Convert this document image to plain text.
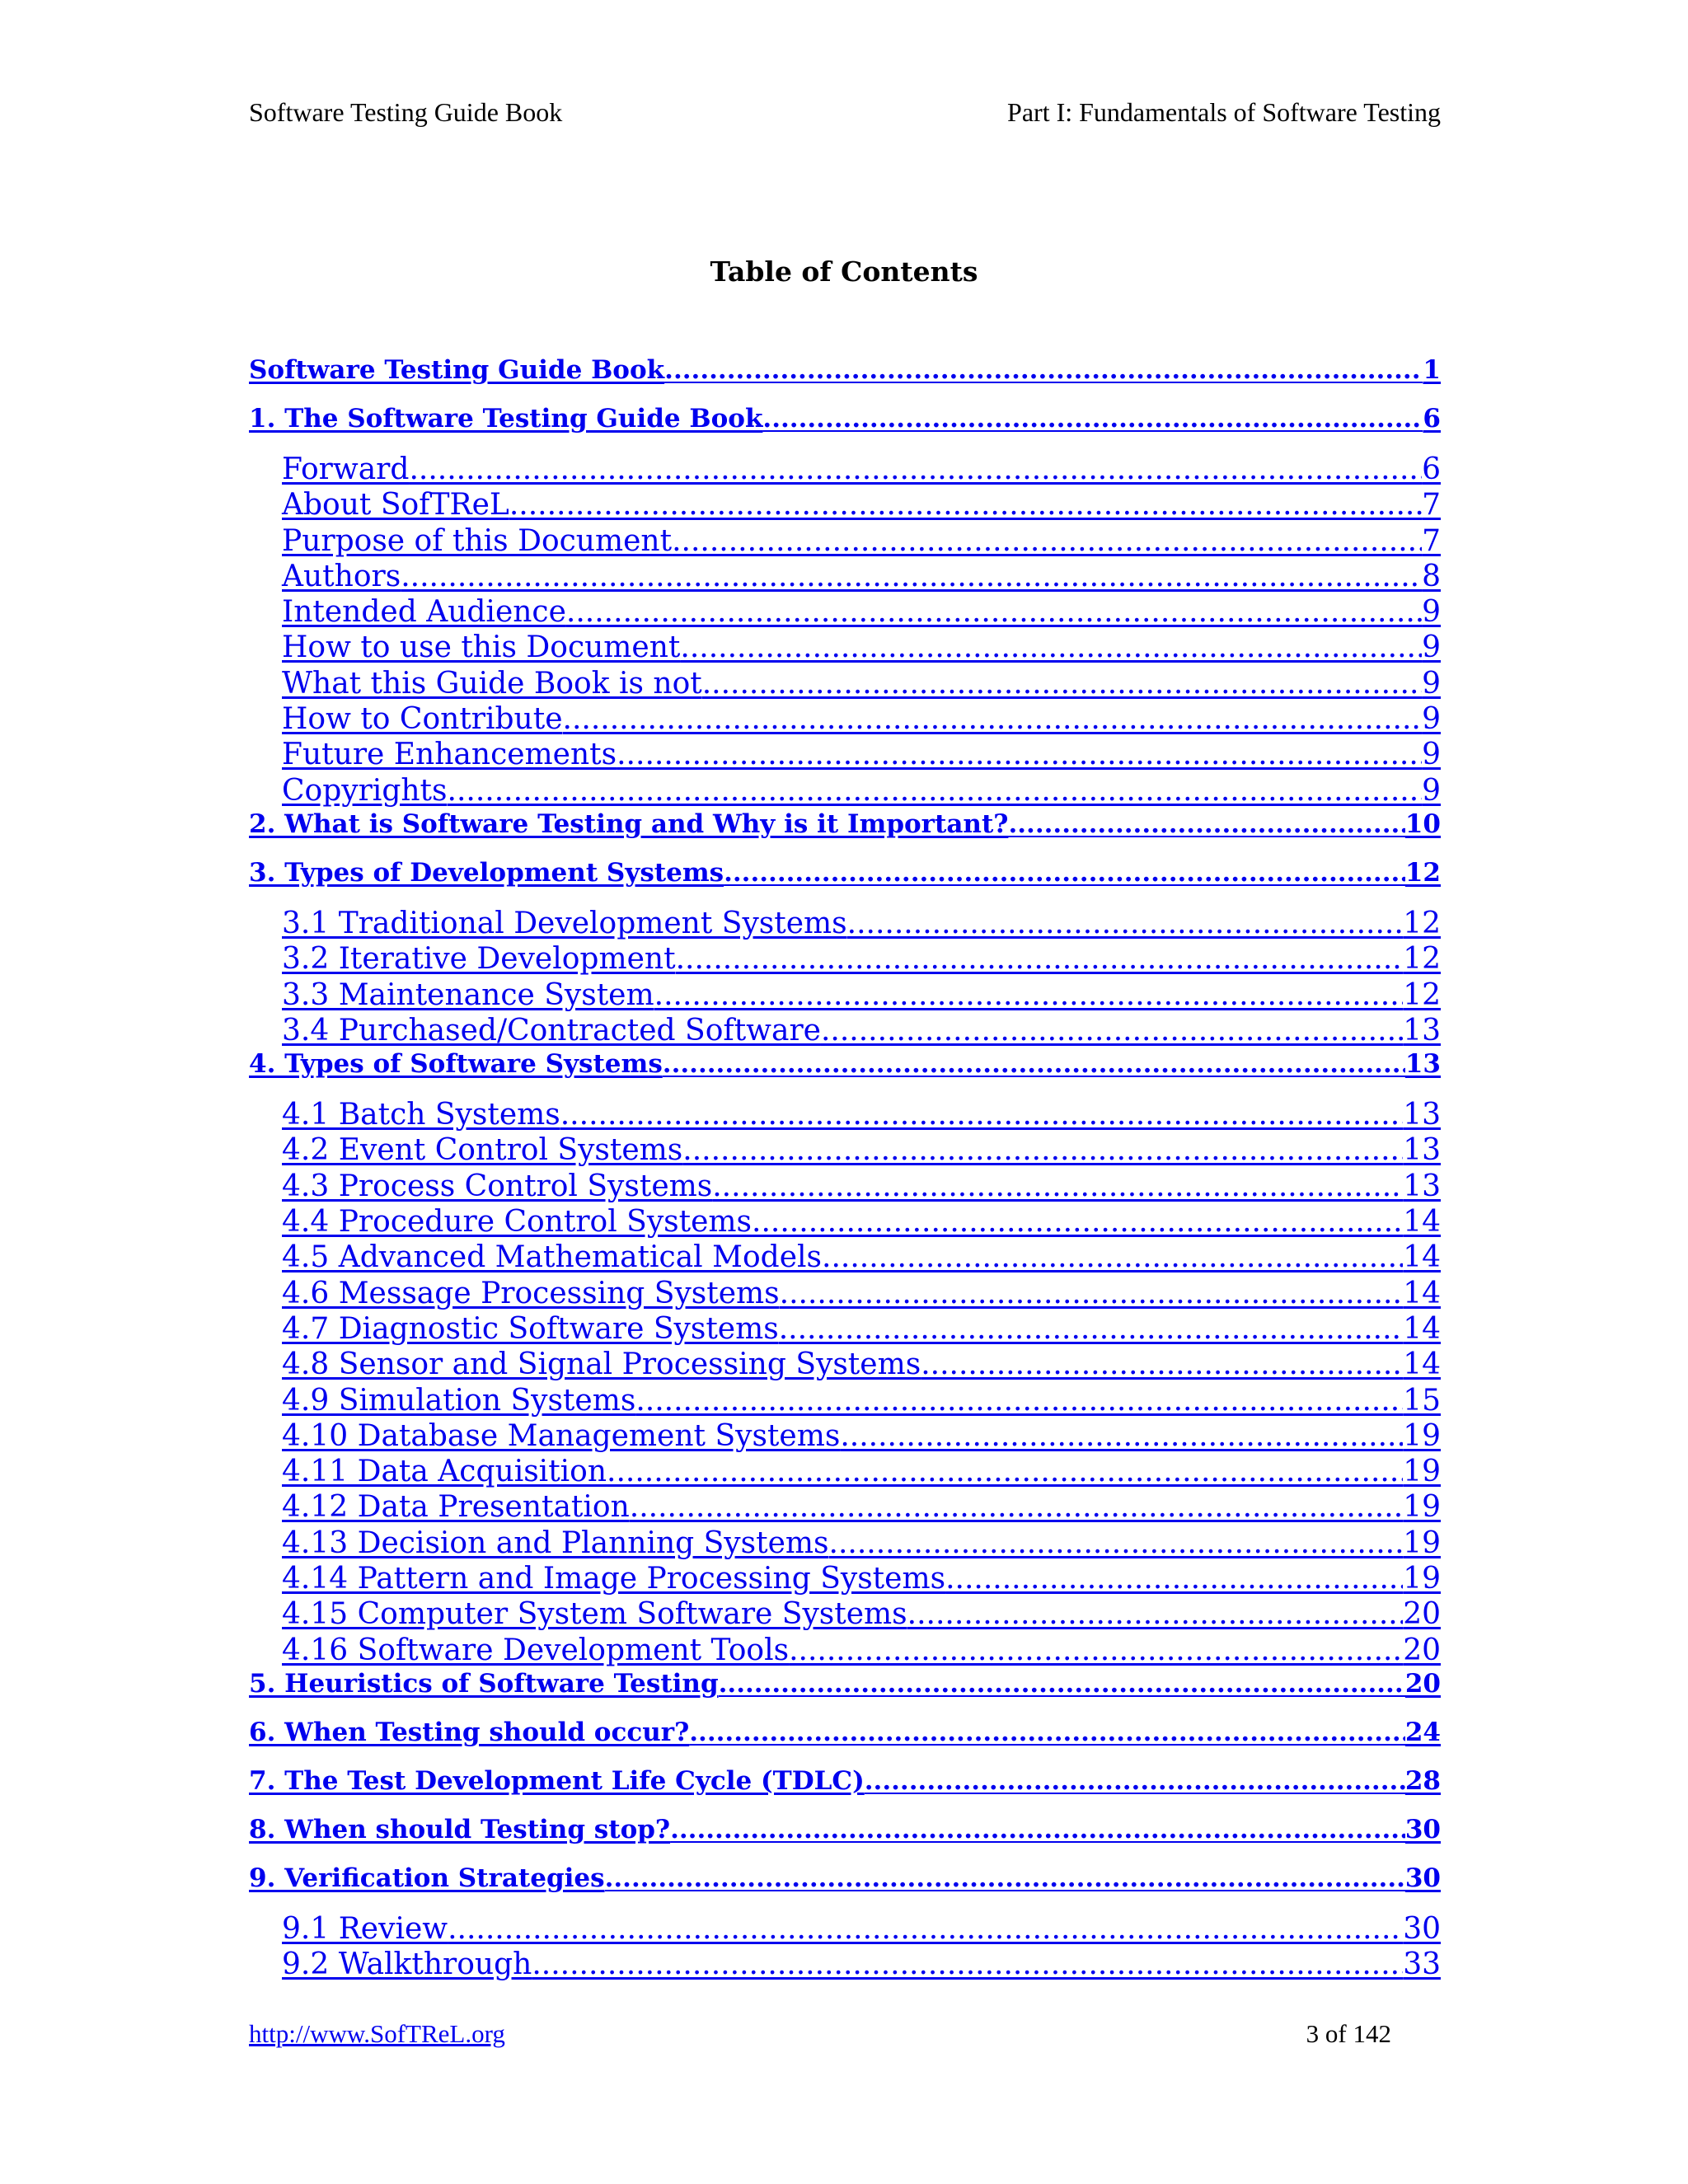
Software Testing Guide Book	Part I: Fundamentals of Software Testing
Table of Contents
Software Testing Guide Book .....	1
1. The Software Testing Guide Book .....	6
Forward .....	6
About SofTReL .....	7
Purpose of this Document .....	7
Authors .....	8
Intended Audience .....	9
How to use this Document .....	9
What this Guide Book is not .....	9
How to Contribute .....	9
Future Enhancements .....	9
Copyrights .....	9
2. What is Software Testing and Why is it Important? .....	10
3. Types of Development Systems .....	12
3.1 Traditional Development Systems .....	12
3.2 Iterative Development .....	12
3.3 Maintenance System .....	12
3.4 Purchased/Contracted Software .....	13
4. Types of Software Systems .....	13
4.1 Batch Systems .....	13
4.2 Event Control Systems .....	13
4.3 Process Control Systems .....	13
4.4 Procedure Control Systems .....	14
4.5 Advanced Mathematical Models .....	14
4.6 Message Processing Systems .....	14
4.7 Diagnostic Software Systems .....	14
4.8 Sensor and Signal Processing Systems .....	14
4.9 Simulation Systems .....	15
4.10 Database Management Systems .....	19
4.11 Data Acquisition .....	19
4.12 Data Presentation .....	19
4.13 Decision and Planning Systems .....	19
4.14 Pattern and Image Processing Systems .....	19
4.15 Computer System Software Systems .....	20
4.16 Software Development Tools .....	20
5. Heuristics of Software Testing .....	20
6. When Testing should occur? .....	24
7. The Test Development Life Cycle (TDLC) .....	28
8. When should Testing stop? .....	30
9. Verification Strategies .....	30
9.1 Review .....	30
9.2 Walkthrough .....	33
http://www.SofTReL.org	3 of 142
